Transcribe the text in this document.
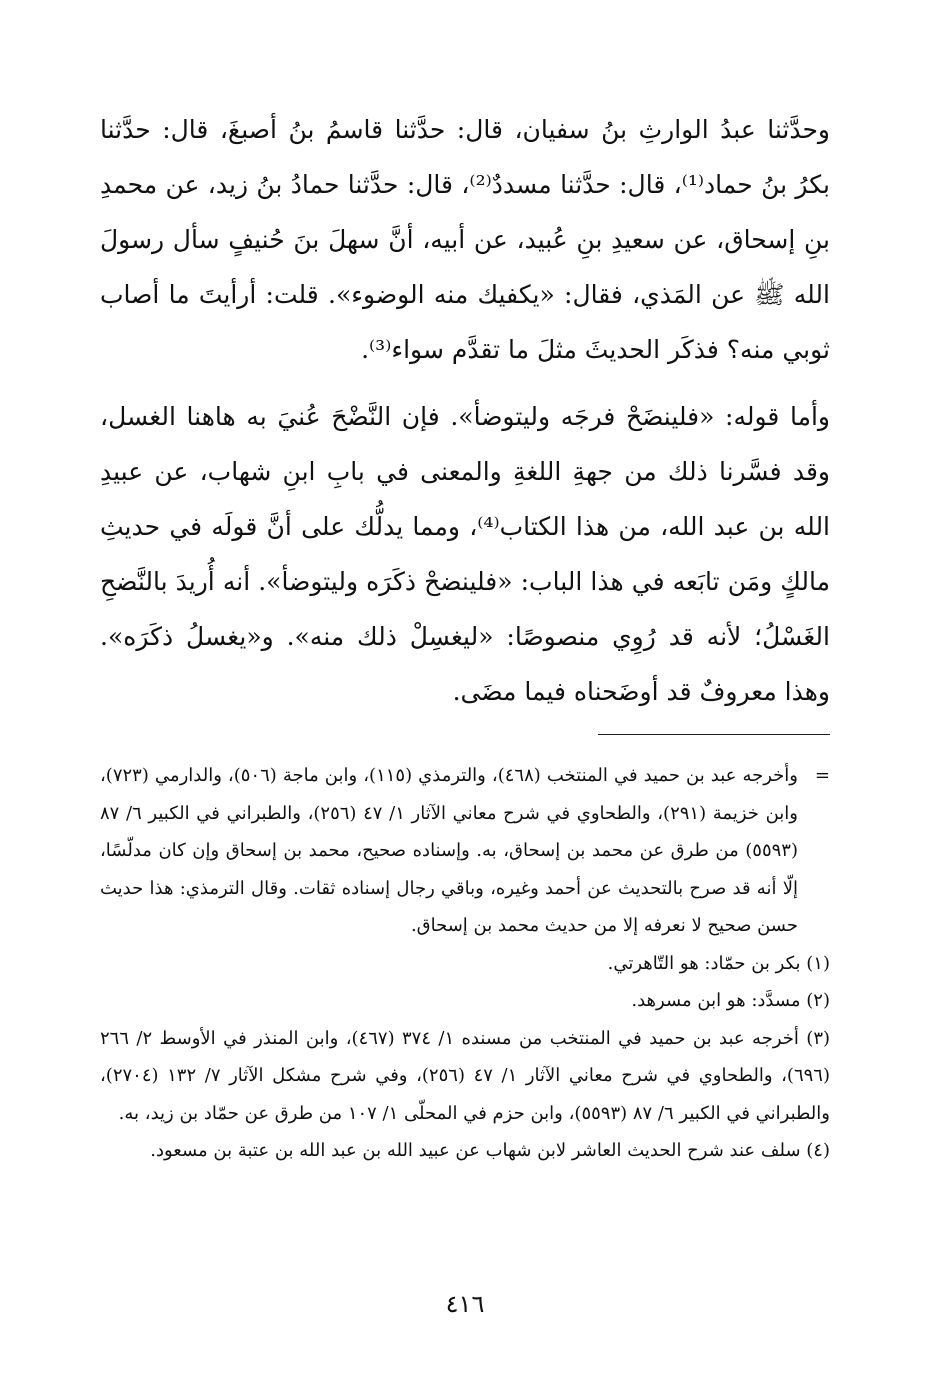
وحدَّثنا عبدُ الوارثِ بنُ سفيان، قال: حدَّثنا قاسمُ بنُ أصبغَ، قال: حدَّثنا بكرُ بنُ حماد⁽¹⁾، قال: حدَّثنا مسددٌ⁽²⁾، قال: حدَّثنا حمادُ بنُ زيد، عن محمدِ بنِ إسحاق، عن سعيدِ بنِ عُبيد، عن أبيه، أنَّ سهلَ بنَ حُنيفٍ سأل رسولَ الله ﷺ عن المَذي، فقال: «يكفيك منه الوضوء». قلت: أرأيتَ ما أصاب ثوبي منه؟ فذكَر الحديثَ مثلَ ما تقدَّم سواء⁽³⁾.

وأما قوله: «فلينضَحْ فرجَه وليتوضأ». فإن النَّضْحَ عُنيَ به هاهنا الغسل، وقد فسَّرنا ذلك من جهةِ اللغةِ والمعنى في بابِ ابنِ شهاب، عن عبيدِ الله بن عبد الله، من هذا الكتاب⁽⁴⁾، ومما يدلُّك على أنَّ قولَه في حديثِ مالكٍ ومَن تابَعه في هذا الباب: «فلينضحْ ذكَرَه وليتوضأ». أنه أُريدَ بالنَّضحِ الغَسْلُ؛ لأنه قد رُوِي منصوصًا: «ليغسِلْ ذلك منه». و«يغسلُ ذكَرَه». وهذا معروفٌ قد أوضَحناه فيما مضَى.

=
وأخرجه عبد بن حميد في المنتخب (٤٦٨)، والترمذي (١١٥)، وابن ماجة (٥٠٦)، والدارمي (٧٢٣)، وابن خزيمة (٢٩١)، والطحاوي في شرح معاني الآثار ١/ ٤٧ (٢٥٦)، والطبراني في الكبير ٦/ ٨٧ (٥٥٩٣) من طرق عن محمد بن إسحاق، به. وإسناده صحيح، محمد بن إسحاق وإن كان مدلّسًا، إلّا أنه قد صرح بالتحديث عن أحمد وغيره، وباقي رجال إسناده ثقات. وقال الترمذي: هذا حديث حسن صحيح لا نعرفه إلا من حديث محمد بن إسحاق.

(١) بكر بن حمّاد: هو التّاهرتي.

(٢) مسدَّد: هو ابن مسرهد.

(٣) أخرجه عبد بن حميد في المنتخب من مسنده ١/ ٣٧٤ (٤٦٧)، وابن المنذر في الأوسط ٢/ ٢٦٦ (٦٩٦)، والطحاوي في شرح معاني الآثار ١/ ٤٧ (٢٥٦)، وفي شرح مشكل الآثار ٧/ ١٣٢ (٢٧٠٤)، والطبراني في الكبير ٦/ ٨٧ (٥٥٩٣)، وابن حزم في المحلّى ١/ ١٠٧ من طرق عن حمّاد بن زيد، به.

(٤) سلف عند شرح الحديث العاشر لابن شهاب عن عبيد الله بن عبد الله بن عتبة بن مسعود.

٤١٦
